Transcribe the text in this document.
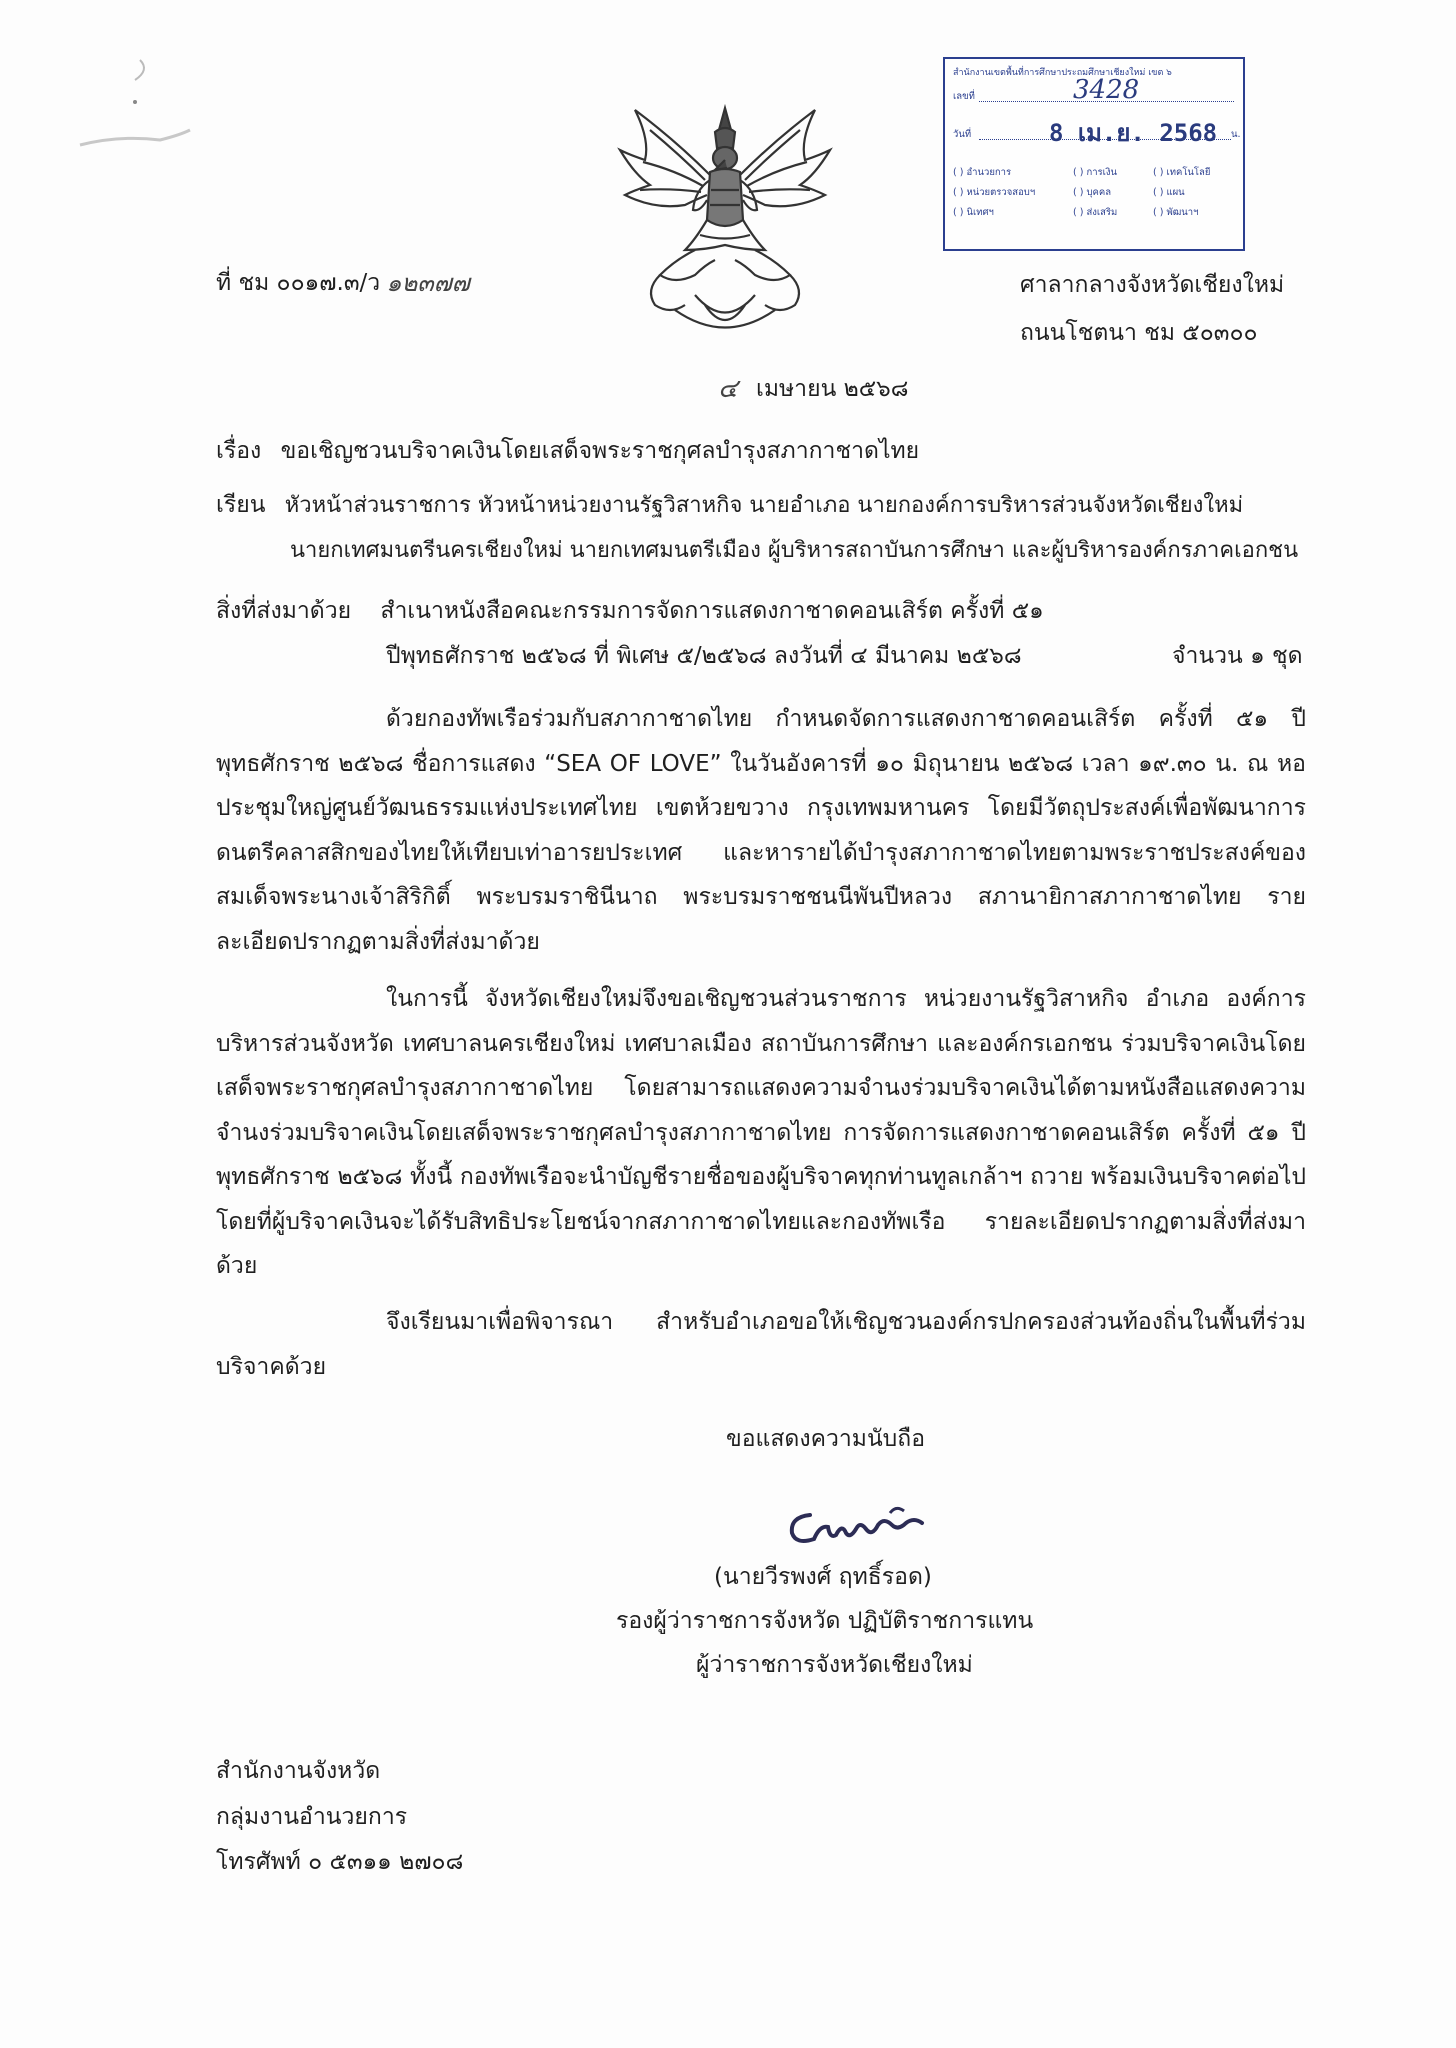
สำนักงานเขตพื้นที่การศึกษาประถมศึกษาเชียงใหม่ เขต ๖
เลขที่	3428
วันที่	8 เม.ย. 2568 น.
( ) อำนวยการ	( ) การเงิน	( ) เทคโนโลยี
( ) หน่วยตรวจสอบฯ	( ) บุคคล	( ) แผน
( ) นิเทศฯ	( ) ส่งเสริม	( ) พัฒนาฯ
ที่ ชม ๐๐๑๗.๓/ว ๑๒๓๗๗	ศาลากลางจังหวัดเชียงใหม่
ถนนโชตนา ชม ๕๐๓๐๐
๔ เมษายน ๒๕๖๘
เรื่อง ขอเชิญชวนบริจาคเงินโดยเสด็จพระราชกุศลบำรุงสภากาชาดไทย
เรียน หัวหน้าส่วนราชการ หัวหน้าหน่วยงานรัฐวิสาหกิจ นายอำเภอ นายกองค์การบริหารส่วนจังหวัดเชียงใหม่
นายกเทศมนตรีนครเชียงใหม่ นายกเทศมนตรีเมือง ผู้บริหารสถาบันการศึกษา และผู้บริหารองค์กรภาคเอกชน
สิ่งที่ส่งมาด้วย สำเนาหนังสือคณะกรรมการจัดการแสดงกาชาดคอนเสิร์ต ครั้งที่ ๕๑
ปีพุทธศักราช ๒๕๖๘ ที่ พิเศษ ๕/๒๕๖๘ ลงวันที่ ๔ มีนาคม ๒๕๖๘	จำนวน ๑ ชุด

ด้วยกองทัพเรือร่วมกับสภากาชาดไทย กำหนดจัดการแสดงกาชาดคอนเสิร์ต ครั้งที่ ๕๑ ปีพุทธศักราช ๒๕๖๘ ชื่อการแสดง “SEA OF LOVE” ในวันอังคารที่ ๑๐ มิถุนายน ๒๕๖๘ เวลา ๑๙.๓๐ น. ณ หอประชุมใหญ่ศูนย์วัฒนธรรมแห่งประเทศไทย เขตห้วยขวาง กรุงเทพมหานคร โดยมีวัตถุประสงค์เพื่อพัฒนาการดนตรีคลาสสิกของไทยให้เทียบเท่าอารยประเทศ และหารายได้บำรุงสภากาชาดไทยตามพระราชประสงค์ของ สมเด็จพระนางเจ้าสิริกิติ์ พระบรมราชินีนาถ พระบรมราชชนนีพันปีหลวง สภานายิกาสภากาชาดไทย รายละเอียดปรากฏตามสิ่งที่ส่งมาด้วย

ในการนี้ จังหวัดเชียงใหม่จึงขอเชิญชวนส่วนราชการ หน่วยงานรัฐวิสาหกิจ อำเภอ องค์การบริหารส่วนจังหวัด เทศบาลนครเชียงใหม่ เทศบาลเมือง สถาบันการศึกษา และองค์กรเอกชน ร่วมบริจาคเงินโดยเสด็จพระราชกุศลบำรุงสภากาชาดไทย โดยสามารถแสดงความจำนงร่วมบริจาคเงินได้ตามหนังสือแสดงความจำนงร่วมบริจาคเงินโดยเสด็จพระราชกุศลบำรุงสภากาชาดไทย การจัดการแสดงกาชาดคอนเสิร์ต ครั้งที่ ๕๑ ปีพุทธศักราช ๒๕๖๘ ทั้งนี้ กองทัพเรือจะนำบัญชีรายชื่อของผู้บริจาคทุกท่านทูลเกล้าฯ ถวาย พร้อมเงินบริจาคต่อไป โดยที่ผู้บริจาคเงินจะได้รับสิทธิประโยชน์จากสภากาชาดไทยและกองทัพเรือ รายละเอียดปรากฏตามสิ่งที่ส่งมาด้วย

จึงเรียนมาเพื่อพิจารณา สำหรับอำเภอขอให้เชิญชวนองค์กรปกครองส่วนท้องถิ่นในพื้นที่ร่วมบริจาคด้วย

ขอแสดงความนับถือ
(นายวีรพงศ์ ฤทธิ์รอด)
รองผู้ว่าราชการจังหวัด ปฏิบัติราชการแทน
ผู้ว่าราชการจังหวัดเชียงใหม่
สำนักงานจังหวัด
กลุ่มงานอำนวยการ
โทรศัพท์ ๐ ๕๓๑๑ ๒๗๐๘
